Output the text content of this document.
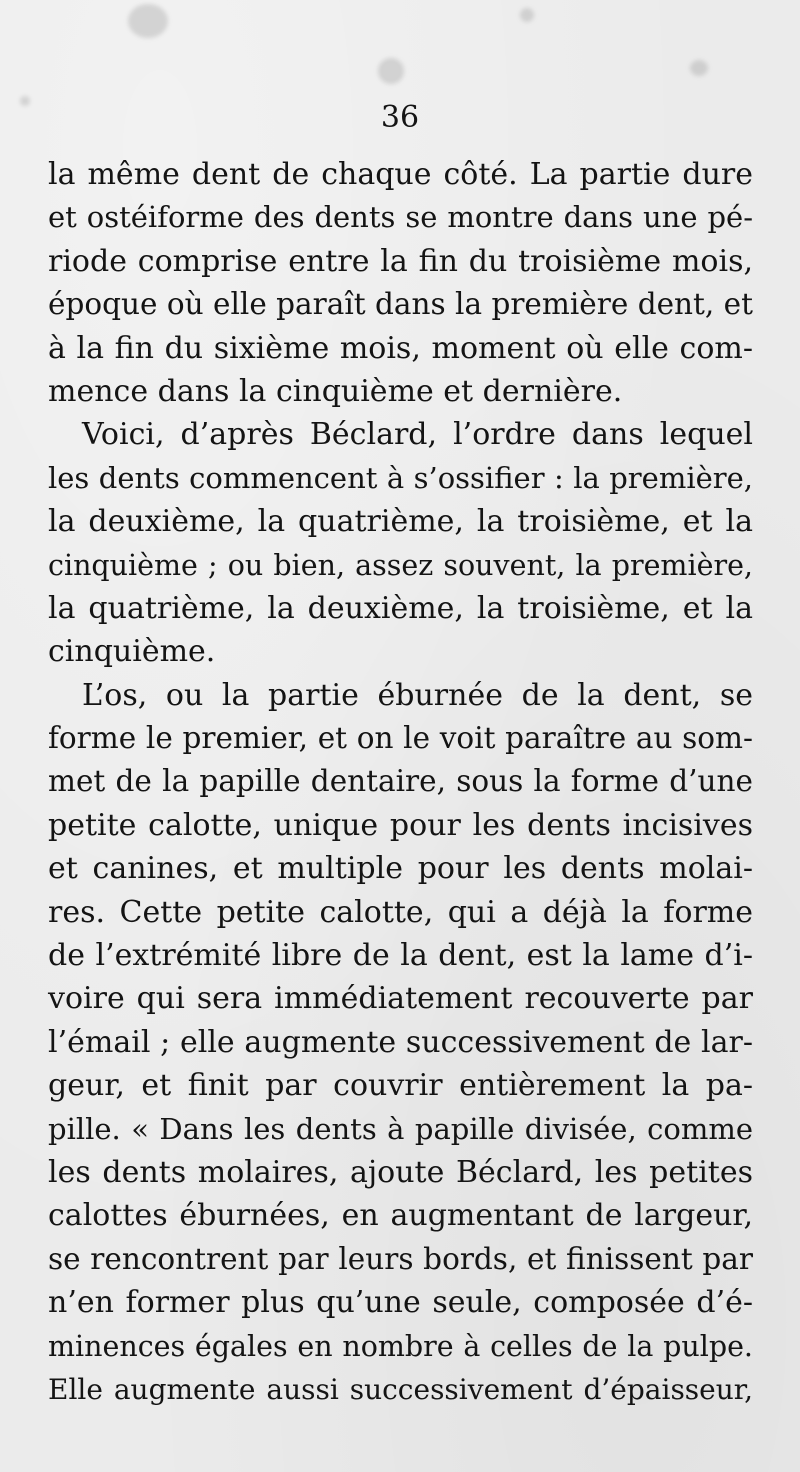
36
la même dent de chaque côté. La partie dure
et ostéiforme des dents se montre dans une pé-
riode comprise entre la fin du troisième mois,
époque où elle paraît dans la première dent, et
à la fin du sixième mois, moment où elle com-
mence dans la cinquième et dernière.
Voici, d’après Béclard, l’ordre dans lequel
les dents commencent à s’ossifier : la première,
la deuxième, la quatrième, la troisième, et la
cinquième ; ou bien, assez souvent, la première,
la quatrième, la deuxième, la troisième, et la
cinquième.
L’os, ou la partie éburnée de la dent, se
forme le premier, et on le voit paraître au som-
met de la papille dentaire, sous la forme d’une
petite calotte, unique pour les dents incisives
et canines, et multiple pour les dents molai-
res. Cette petite calotte, qui a déjà la forme
de l’extrémité libre de la dent, est la lame d’i-
voire qui sera immédiatement recouverte par
l’émail ; elle augmente successivement de lar-
geur, et finit par couvrir entièrement la pa-
pille. « Dans les dents à papille divisée, comme
les dents molaires, ajoute Béclard, les petites
calottes éburnées, en augmentant de largeur,
se rencontrent par leurs bords, et finissent par
n’en former plus qu’une seule, composée d’é-
minences égales en nombre à celles de la pulpe.
Elle augmente aussi successivement d’épaisseur,
